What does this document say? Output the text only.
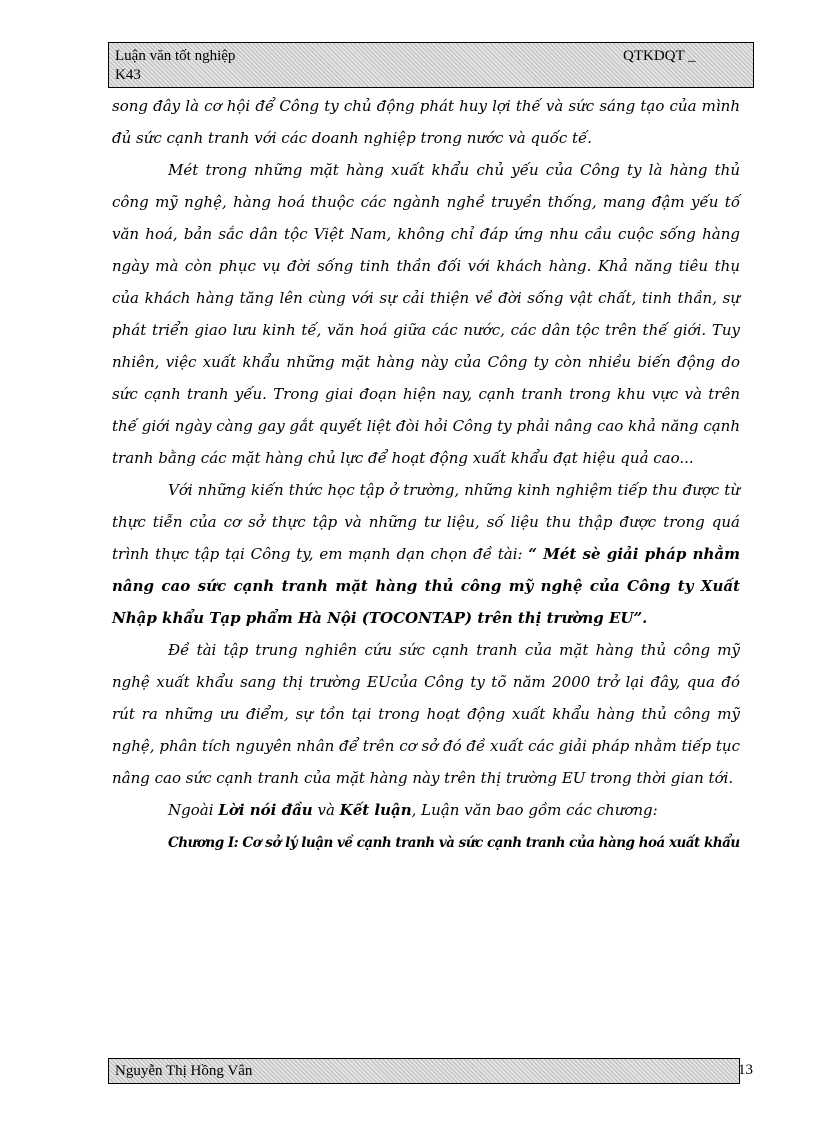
Luận văn tốt nghiệp
K43
QTKDQT _

song đây là cơ hội để Công ty chủ động phát huy lợi thế và sức sáng tạo của mình đủ sức cạnh tranh với các doanh nghiệp trong nước và quốc tế.

Mét trong những mặt hàng xuất khẩu chủ yếu của Công ty là hàng thủ công mỹ nghệ, hàng hoá thuộc các ngành nghề truyền thống, mang đậm yếu tố văn hoá, bản sắc dân tộc Việt Nam, không chỉ đáp ứng nhu cầu cuộc sống hàng ngày mà còn phục vụ đời sống tinh thần đối với khách hàng. Khả năng tiêu thụ của khách hàng tăng lên cùng với sự cải thiện về đời sống vật chất, tinh thần, sự phát triển giao lưu kinh tế, văn hoá giữa các nước, các dân tộc trên thế giới. Tuy nhiên, việc xuất khẩu những mặt hàng này của Công ty còn nhiều biến động do sức cạnh tranh yếu. Trong giai đoạn hiện nay, cạnh tranh trong khu vực và trên thế giới ngày càng gay gắt quyết liệt đòi hỏi Công ty phải nâng cao khả năng cạnh tranh bằng các mặt hàng chủ lực để hoạt động xuất khẩu đạt hiệu quả cao...

Với những kiến thức học tập ở trường, những kinh nghiệm tiếp thu được từ thực tiễn của cơ sở thực tập và những tư liệu, số liệu thu thập được trong quá trình thực tập tại Công ty, em mạnh dạn chọn đề tài: “ Mét sè giải pháp nhằm nâng cao sức cạnh tranh mặt hàng thủ công mỹ nghệ của Công ty Xuất Nhập khẩu Tạp phẩm Hà Nội (TOCONTAP) trên thị trường EU”.

Đề tài tập trung nghiên cứu sức cạnh tranh của mặt hàng thủ công mỹ nghệ xuất khẩu sang thị trường EUcủa Công ty tõ năm 2000 trở lại đây, qua đó rút ra những ưu điểm, sự tồn tại trong hoạt động xuất khẩu hàng thủ công mỹ nghệ, phân tích nguyên nhân để trên cơ sở đó đề xuất các giải pháp nhằm tiếp tục nâng cao sức cạnh tranh của mặt hàng này trên thị trường EU trong thời gian tới.

Ngoài Lời nói đầu và Kết luận, Luận văn bao gồm các chương:

Chương I: Cơ sở lý luận về cạnh tranh và sức cạnh tranh của hàng hoá xuất khẩu

Nguyễn Thị Hồng Vân	13
